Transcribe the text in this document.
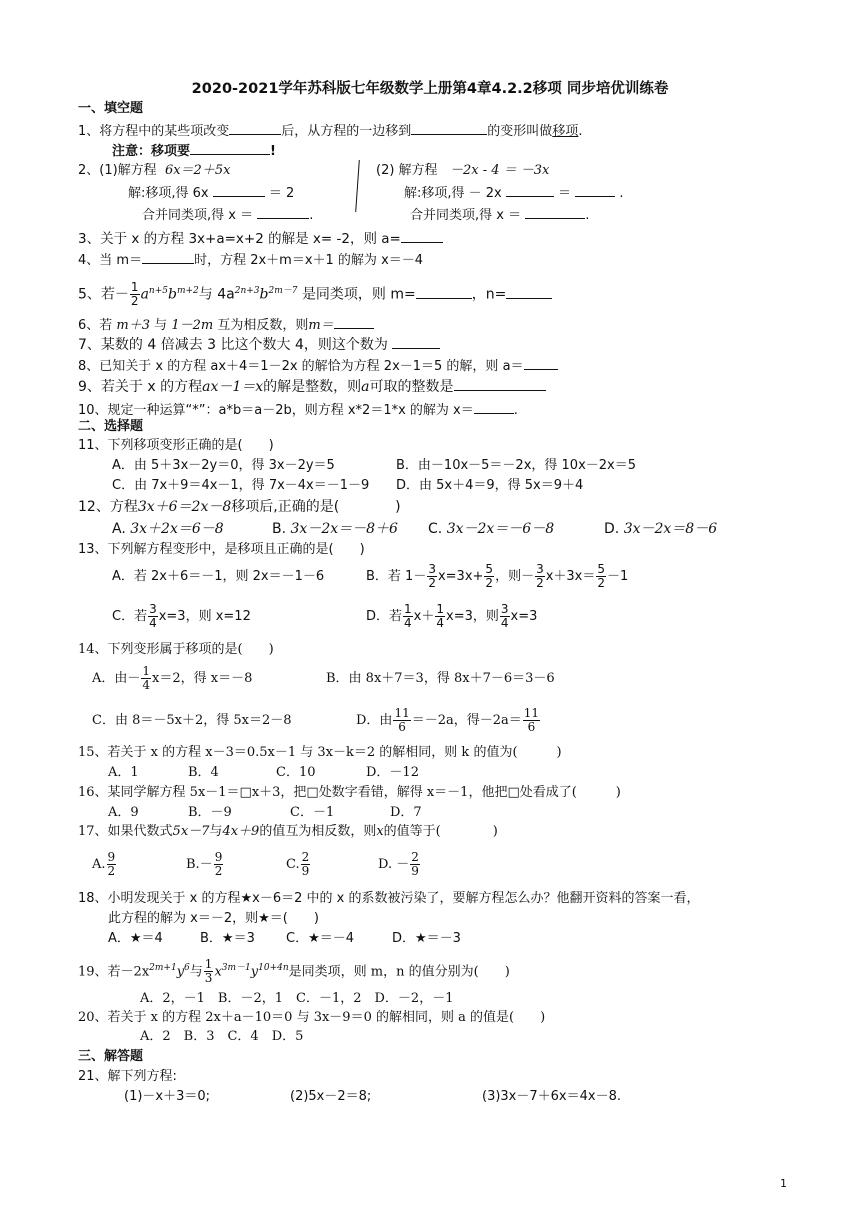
2020-2021学年苏科版七年级数学上册第4章4.2.2移项 同步培优训练卷
一、填空题
1、将方程中的某些项改变	后，从方程的一边移到	的变形叫做移项.
注意：移项要	!
2、(1)解方程 6x＝2＋5x	(2) 解方程 －2x - 4 ＝ －3x
解:移项,得 6x	＝ 2	解:移项,得 － 2x	＝	.
合并同类项,得 x ＝	.	合并同类项,得 x ＝	.
3、关于 x 的方程 3x+a=x+2 的解是 x= -2，则 a=
4、当 m＝	时，方程 2x＋m＝x＋1 的解为 x＝－4
5、若－ $\frac{1}{2} a^{n+5}b^{m+2}$与 $4a^{2n+3}b^{2m-7}$ 是同类项，则 m=	，n=
6、若 m＋3 与 1－2m 互为相反数，则m＝
7、某数的 4 倍减去 3 比这个数大 4，则这个数为
8、已知关于 x 的方程 ax＋4＝1－2x 的解恰为方程 2x－1＝5 的解，则 a＝
9、若关于 x 的方程ax－1＝x的解是整数，则a可取的整数是
10、规定一种运算“*”：a*b＝a－2b，则方程 x*2＝1*x 的解为 x＝	.
二、选择题
11、下列移项变形正确的是(　　)
A．由 5＋3x－2y＝0，得 3x－2y＝5	B．由－10x－5＝－2x，得 10x－2x＝5
C．由 7x＋9＝4x－1，得 7x－4x＝－1－9 D．由 5x＋4＝9，得 5x＝9＋4
12、方程3x＋6＝2x－8移项后,正确的是(　　　　)
A. 3x＋2x＝6－8	B. 3x－2x＝－8＋6 C. 3x－2x＝－6－8	D. 3x－2x＝8－6
13、下列解方程变形中，是移项且正确的是(　　)
A．若 2x＋6＝－1，则 2x＝－1－6	B．若 $1- \frac{3}{2} x=3x+ \frac{5}{2}$ ，则－ $\frac{3}{2} x+3x= \frac{5}{2} -1$
C．若 $\frac{3}{4} x=3$，则 x=12	D．若 $\frac{1}{4} x+ \frac{1}{4} x=3$，则 $\frac{3}{4} x=3$
14、下列变形属于移项的是(　　)
A．由－ $\frac{1}{4} x=2$，得 x＝－8	B．由 8x＋7＝3，得 8x＋7－6＝3－6
C．由 8＝－5x＋2，得 5x＝2－8	D．由 $\frac{11}{6} =-2a$，得$-2a= \frac{11}{6}$
15、若关于 x 的方程 x－3＝0.5x－1 与 3x－k＝2 的解相同，则 k 的值为(　　　)
A．1	B．4	C．10	D．－12
16、某同学解方程 5x－1＝□x＋3，把□处数字看错，解得 x＝－1，他把□处看成了(　　　)
A．9	B．－9	C．－1	D．7
17、如果代数式5x－7与4x＋9的值互为相反数，则x的值等于(　　　　)
A. $\frac{9}{2}$	$B.- \frac{9}{2}$	C. $\frac{2}{9}$	D. － $\frac{2}{9}$
18、小明发现关于 x 的方程★x－6＝2 中的 x 的系数被污染了，要解方程怎么办？他翻开资料的答案一看，
此方程的解为 x＝－2，则★＝(　　)
A．★＝4	B．★＝3 C．★＝－4	D．★＝－3
19、若$-2x^{2m+1}y^6$与 $\frac{1}{3} x^{3m-1}y^{10+4n}$是同类项，则 m，n 的值分别为(　　)
A．2，－1　B．－2，1　C．－1，2　D．－2，－1
20、若关于 x 的方程 2x＋a－10＝0 与 3x－9＝0 的解相同，则 a 的值是(　　)
A．2　B．3　C．4　D．5
三、解答题
21、解下列方程:
(1)－x＋3＝0;	(2)5x－2＝8;	(3)3x－7＋6x＝4x－8.
1
